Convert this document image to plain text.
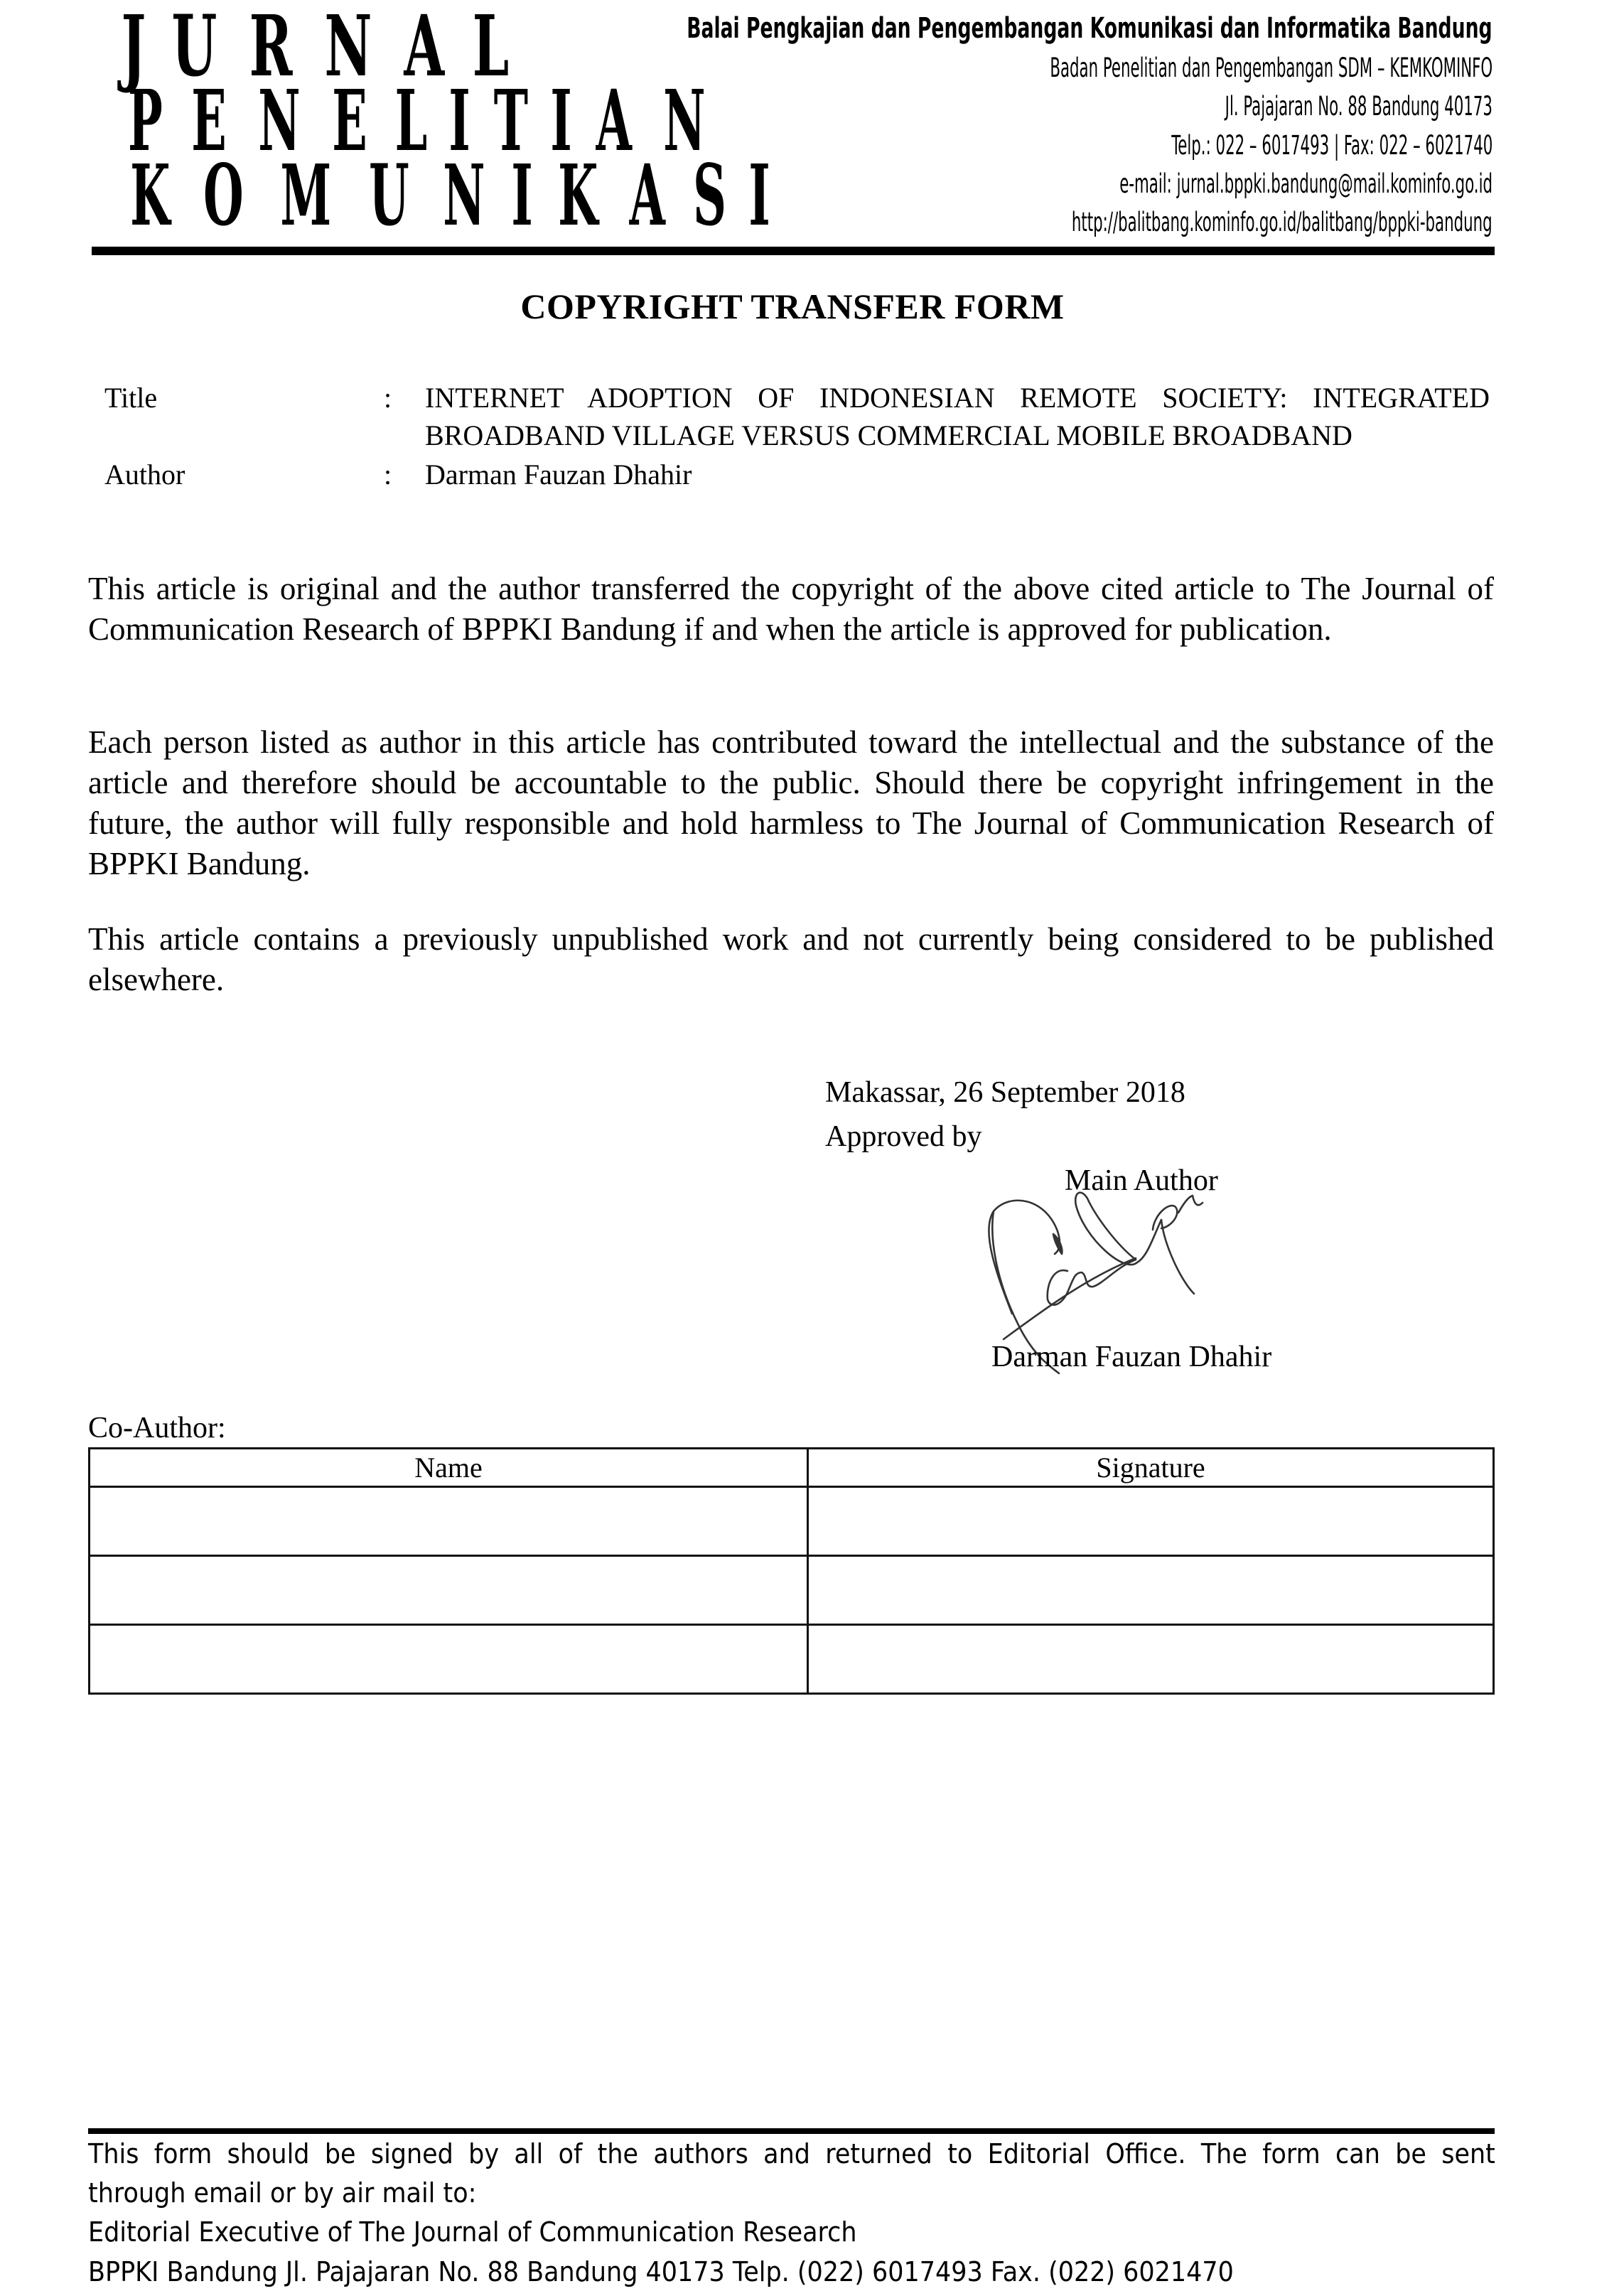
J U R N A L
P E N E L I T I A N
K O M U N I K A S I
Balai Pengkajian dan Pengembangan Komunikasi dan Informatika Bandung
Badan Penelitian dan Pengembangan SDM – KEMKOMINFO
Jl. Pajajaran No. 88 Bandung 40173
Telp.: 022 – 6017493 | Fax: 022 – 6021740
e-mail: jurnal.bppki.bandung@mail.kominfo.go.id
http://balitbang.kominfo.go.id/balitbang/bppki-bandung
COPYRIGHT TRANSFER FORM
Title	: INTERNET ADOPTION OF INDONESIAN REMOTE SOCIETY: INTEGRATED
BROADBAND VILLAGE VERSUS COMMERCIAL MOBILE BROADBAND
Author	: Darman Fauzan Dhahir

This article is original and the author transferred the copyright of the above cited article to The Journal of Communication Research of BPPKI Bandung if and when the article is approved for publication.

Each person listed as author in this article has contributed toward the intellectual and the substance of the article and therefore should be accountable to the public. Should there be copyright infringement in the future, the author will fully responsible and hold harmless to The Journal of Communication Research of BPPKI Bandung.

This article contains a previously unpublished work and not currently being considered to be published elsewhere.

Makassar, 26 September 2018
Approved by
Main Author
Darman Fauzan Dhahir
Co-Author:
Name	Signature

This form should be signed by all of the authors and returned to Editorial Office. The form can be sent
through email or by air mail to:
Editorial Executive of The Journal of Communication Research
BPPKI Bandung Jl. Pajajaran No. 88 Bandung 40173 Telp. (022) 6017493 Fax. (022) 6021470
